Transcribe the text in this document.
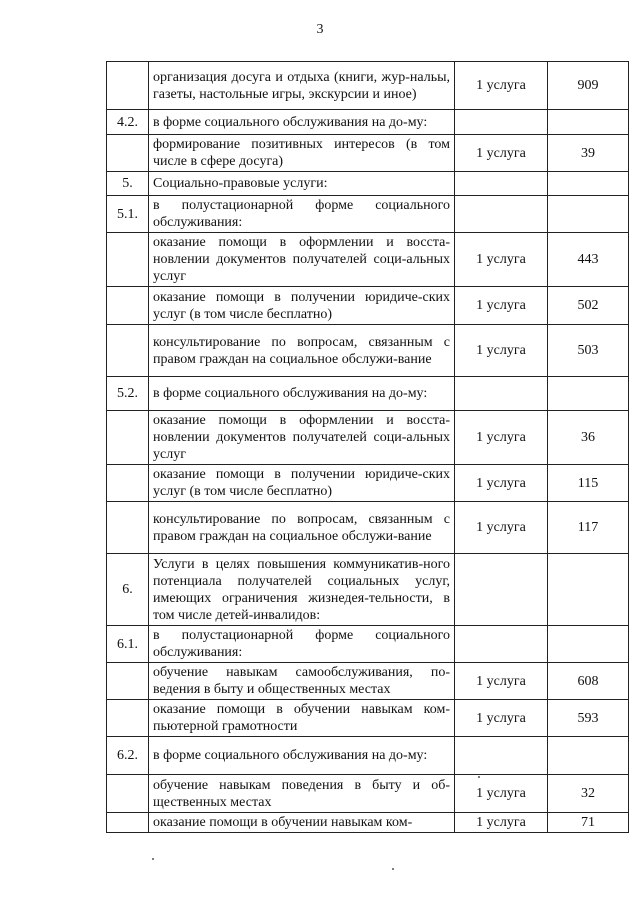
3
	организация досуга и отдыха (книги, жур-нальы, газеты, настольные игры, экскурсии и иное)	1 услуга	909
4.2.	в форме социального обслуживания на до-му:		
	формирование позитивных интересов (в том числе в сфере досуга)	1 услуга	39
5.	Социально-правовые услуги:		
5.1.	в полустационарной форме социального обслуживания:		
	оказание помощи в оформлении и восста-новлении документов получателей соци-альных услуг	1 услуга	443
	оказание помощи в получении юридиче-ских услуг (в том числе бесплатно)	1 услуга	502
	консультирование по вопросам, связанным с правом граждан на социальное обслужи-вание	1 услуга	503
5.2.	в форме социального обслуживания на до-му:		
	оказание помощи в оформлении и восста-новлении документов получателей соци-альных услуг	1 услуга	36
	оказание помощи в получении юридиче-ских услуг (в том числе бесплатно)	1 услуга	115
	консультирование по вопросам, связанным с правом граждан на социальное обслужи-вание	1 услуга	117
6.	Услуги в целях повышения коммуникатив-ного потенциала получателей социальных услуг, имеющих ограничения жизнедея-тельности, в том числе детей-инвалидов:		
6.1.	в полустационарной форме социального обслуживания:		
	обучение навыкам самообслуживания, по-ведения в быту и общественных местах	1 услуга	608
	оказание помощи в обучении навыкам ком-пьютерной грамотности	1 услуга	593
6.2.	в форме социального обслуживания на до-му:		
	обучение навыкам поведения в быту и об-щественных местах	1 услуга	32
	оказание помощи в обучении навыкам ком-	1 услуга	71
